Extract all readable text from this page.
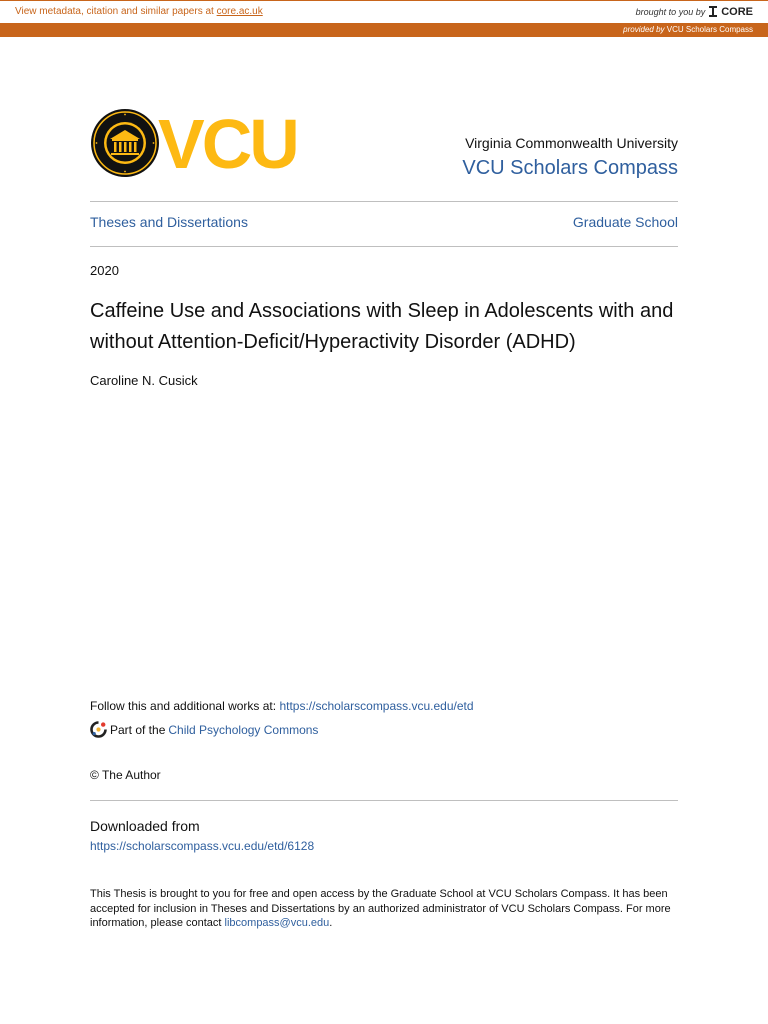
View metadata, citation and similar papers at core.ac.uk	brought to you by CORE
provided by VCU Scholars Compass
VCU	Virginia Commonwealth University
VCU Scholars Compass
Theses and Dissertations	Graduate School
2020
Caffeine Use and Associations with Sleep in Adolescents with and without Attention-Deficit/Hyperactivity Disorder (ADHD)
Caroline N. Cusick
Follow this and additional works at: https://scholarscompass.vcu.edu/etd
Part of the Child Psychology Commons
© The Author
Downloaded from
https://scholarscompass.vcu.edu/etd/6128
This Thesis is brought to you for free and open access by the Graduate School at VCU Scholars Compass. It has been accepted for inclusion in Theses and Dissertations by an authorized administrator of VCU Scholars Compass. For more information, please contact libcompass@vcu.edu.
